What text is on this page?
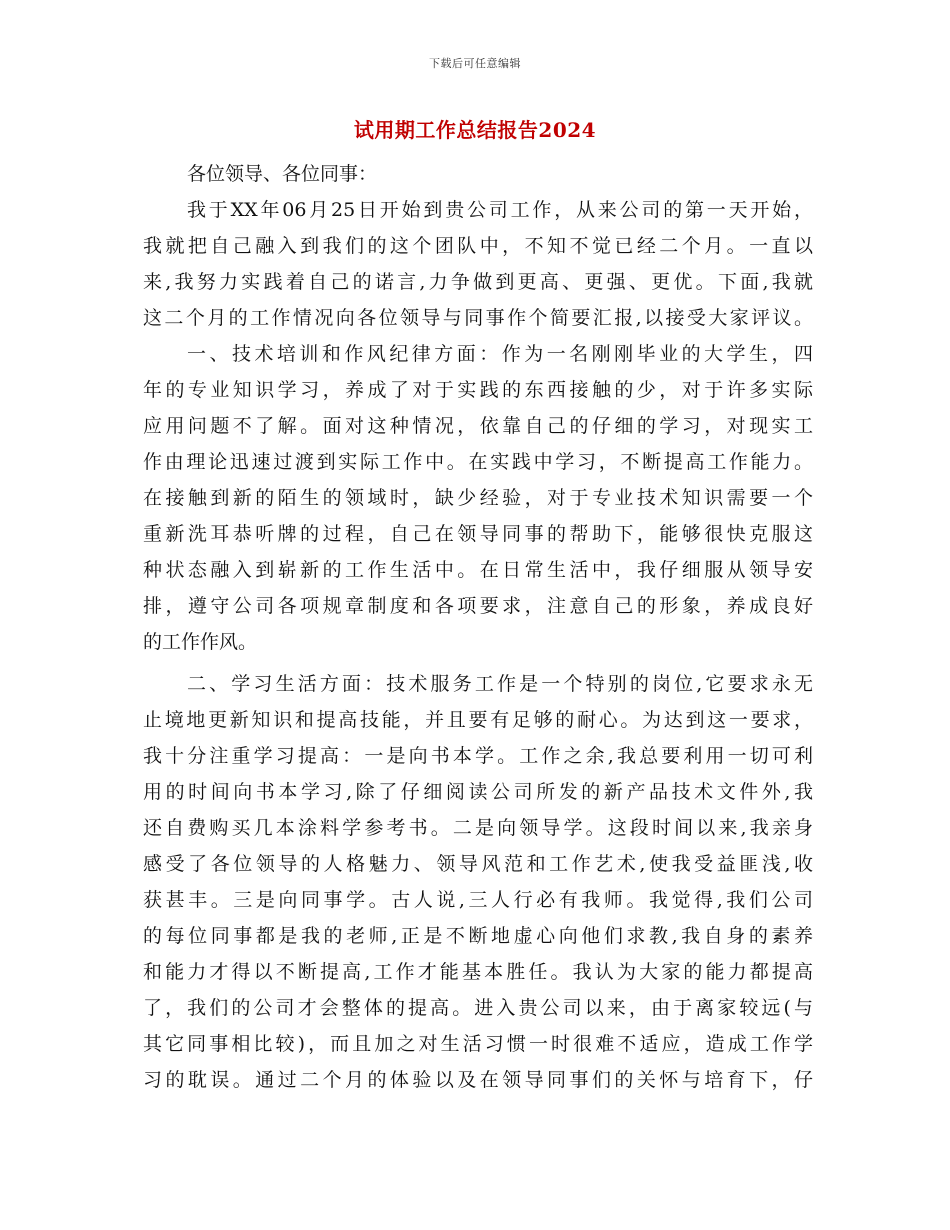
下载后可任意编辑
试用期工作总结报告2024
各位领导、各位同事：
我于XX年06月25日开始到贵公司工作，从来公司的第一天开始，
我就把自己融入到我们的这个团队中，不知不觉已经二个月。一直以
来,我努力实践着自己的诺言,力争做到更高、更强、更优。下面,我就
这二个月的工作情况向各位领导与同事作个简要汇报,以接受大家评议。
一、技术培训和作风纪律方面：作为一名刚刚毕业的大学生，四
年的专业知识学习，养成了对于实践的东西接触的少，对于许多实际
应用问题不了解。面对这种情况，依靠自己的仔细的学习，对现实工
作由理论迅速过渡到实际工作中。在实践中学习，不断提高工作能力。
在接触到新的陌生的领域时，缺少经验，对于专业技术知识需要一个
重新洗耳恭听牌的过程，自己在领导同事的帮助下，能够很快克服这
种状态融入到崭新的工作生活中。在日常生活中，我仔细服从领导安
排，遵守公司各项规章制度和各项要求，注意自己的形象，养成良好
的工作作风。
二、学习生活方面：技术服务工作是一个特别的岗位,它要求永无
止境地更新知识和提高技能，并且要有足够的耐心。为达到这一要求，
我十分注重学习提高：一是向书本学。工作之余,我总要利用一切可利
用的时间向书本学习,除了仔细阅读公司所发的新产品技术文件外,我
还自费购买几本涂料学参考书。二是向领导学。这段时间以来,我亲身
感受了各位领导的人格魅力、领导风范和工作艺术,使我受益匪浅,收
获甚丰。三是向同事学。古人说,三人行必有我师。我觉得,我们公司
的每位同事都是我的老师,正是不断地虚心向他们求教,我自身的素养
和能力才得以不断提高,工作才能基本胜任。我认为大家的能力都提高
了，我们的公司才会整体的提高。进入贵公司以来，由于离家较远(与
其它同事相比较)，而且加之对生活习惯一时很难不适应，造成工作学
习的耽误。通过二个月的体验以及在领导同事们的关怀与培育下，仔
